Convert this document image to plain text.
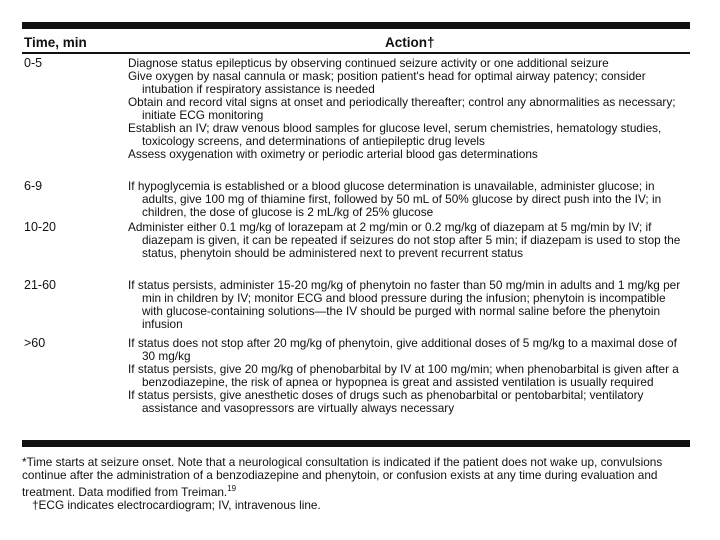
Time, min	Action†
0-5	Diagnose status epilepticus by observing continued seizure activity or one additional seizure

Give oxygen by nasal cannula or mask; position patient's head for optimal airway patency; consider intubation if respiratory assistance is needed

Obtain and record vital signs at onset and periodically thereafter; control any abnormalities as necessary; initiate ECG monitoring

Establish an IV; draw venous blood samples for glucose level, serum chemistries, hematology studies, toxicology screens, and determinations of antiepileptic drug levels

Assess oxygenation with oximetry or periodic arterial blood gas determinations

6-9	If hypoglycemia is established or a blood glucose determination is unavailable, administer glucose; in adults, give 100 mg of thiamine first, followed by 50 mL of 50% glucose by direct push into the IV; in children, the dose of glucose is 2 mL/kg of 25% glucose

10-20	Administer either 0.1 mg/kg of lorazepam at 2 mg/min or 0.2 mg/kg of diazepam at 5 mg/min by IV; if diazepam is given, it can be repeated if seizures do not stop after 5 min; if diazepam is used to stop the status, phenytoin should be administered next to prevent recurrent status

21-60	If status persists, administer 15-20 mg/kg of phenytoin no faster than 50 mg/min in adults and 1 mg/kg per min in children by IV; monitor ECG and blood pressure during the infusion; phenytoin is incompatible with glucose-containing solutions—the IV should be purged with normal saline before the phenytoin infusion

>60	If status does not stop after 20 mg/kg of phenytoin, give additional doses of 5 mg/kg to a maximal dose of 30 mg/kg

If status persists, give 20 mg/kg of phenobarbital by IV at 100 mg/min; when phenobarbital is given after a benzodiazepine, the risk of apnea or hypopnea is great and assisted ventilation is usually required

If status persists, give anesthetic doses of drugs such as phenobarbital or pentobarbital; ventilatory assistance and vasopressors are virtually always necessary

*Time starts at seizure onset. Note that a neurological consultation is indicated if the patient does not wake up, convulsions continue after the administration of a benzodiazepine and phenytoin, or confusion exists at any time during evaluation and treatment. Data modified from Treiman.$^{19}$

†ECG indicates electrocardiogram; IV, intravenous line.
